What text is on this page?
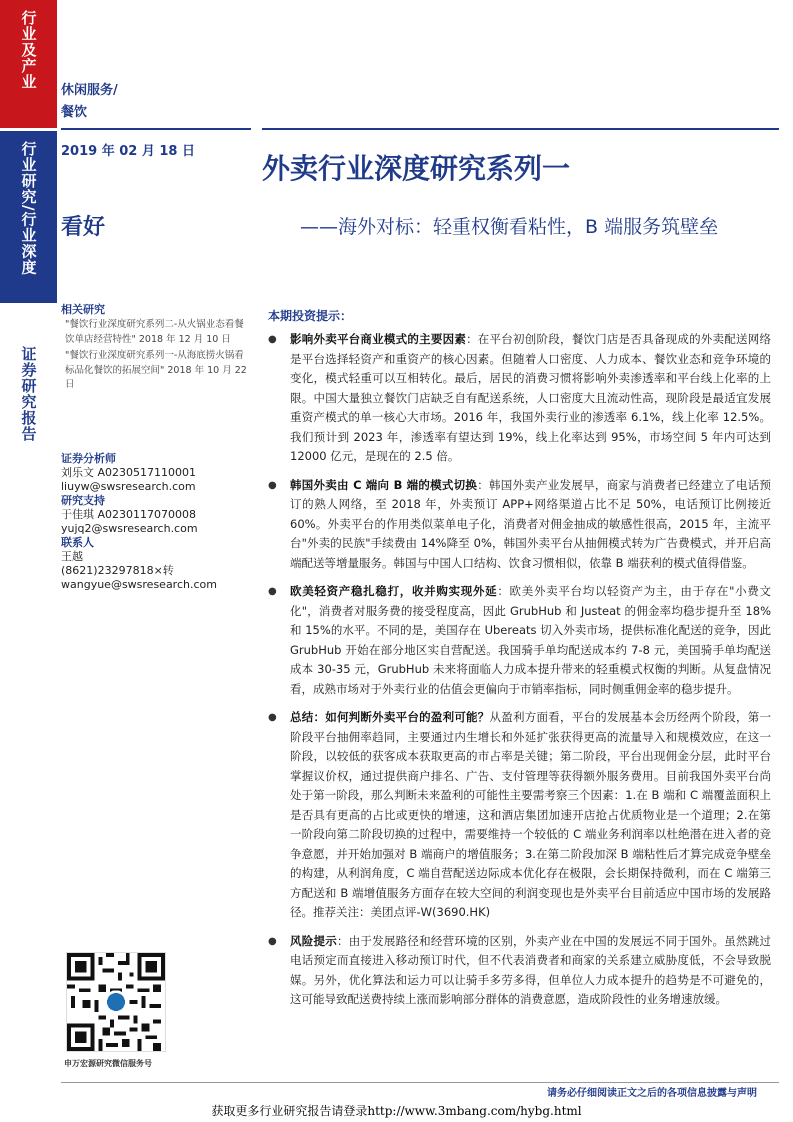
行业及产业
行业研究/行业深度
证券研究报告
休闲服务/
餐饮
2019 年 02 月 18 日
看好
相关研究
"餐饮行业深度研究系列二-从火锅业态看餐饮单店经营特性" 2018 年 12 月 10 日
"餐饮行业深度研究系列一-从海底捞火锅看标品化餐饮的拓展空间" 2018 年 10 月 22 日
证券分析师
刘乐文 A0230517110001
liuyw@swsresearch.com
研究支持
于佳琪 A0230117070008
yujq2@swsresearch.com
联系人
王越
(8621)23297818×转
wangyue@swsresearch.com
申万宏源研究微信服务号
外卖行业深度研究系列一
——海外对标：轻重权衡看粘性，B 端服务筑壁垒
本期投资提示：
● 影响外卖平台商业模式的主要因素：在平台初创阶段，餐饮门店是否具备现成的外卖配送网络是平台选择轻资产和重资产的核心因素。但随着人口密度、人力成本、餐饮业态和竞争环境的变化，模式轻重可以互相转化。最后，居民的消费习惯将影响外卖渗透率和平台线上化率的上限。中国大量独立餐饮门店缺乏自有配送系统，人口密度大且流动性高，现阶段是最适宜发展重资产模式的单一核心大市场。2016 年，我国外卖行业的渗透率 6.1%，线上化率 12.5%。我们预计到 2023 年，渗透率有望达到 19%，线上化率达到 95%，市场空间 5 年内可达到 12000 亿元，是现在的 2.5 倍。
● 韩国外卖由 C 端向 B 端的模式切换：韩国外卖产业发展早，商家与消费者已经建立了电话预订的熟人网络，至 2018 年，外卖预订 APP+网络渠道占比不足 50%，电话预订比例接近 60%。外卖平台的作用类似菜单电子化，消费者对佣金抽成的敏感性很高，2015 年，主流平台"外卖的民族"手续费由 14%降至 0%，韩国外卖平台从抽佣模式转为广告费模式，并开启高端配送等增量服务。韩国与中国人口结构、饮食习惯相似，依靠 B 端获利的模式值得借鉴。
● 欧美轻资产稳扎稳打，收并购实现外延：欧美外卖平台均以轻资产为主，由于存在"小费文化"，消费者对服务费的接受程度高，因此 GrubHub 和 Justeat 的佣金率均稳步提升至 18%和 15%的水平。不同的是，美国存在 Ubereats 切入外卖市场，提供标准化配送的竞争，因此 GrubHub 开始在部分地区实自营配送。我国骑手单均配送成本约 7-8 元，美国骑手单均配送成本 30-35 元，GrubHub 未来将面临人力成本提升带来的轻重模式权衡的判断。从复盘情况看，成熟市场对于外卖行业的估值会更偏向于市销率指标，同时侧重佣金率的稳步提升。
● 总结：如何判断外卖平台的盈利可能？从盈利方面看，平台的发展基本会历经两个阶段，第一阶段平台抽佣率趋同，主要通过内生增长和外延扩张获得更高的流量导入和规模效应，在这一阶段，以较低的获客成本获取更高的市占率是关键；第二阶段，平台出现佣金分层，此时平台掌握议价权，通过提供商户排名、广告、支付管理等获得额外服务费用。目前我国外卖平台尚处于第一阶段，那么判断未来盈利的可能性主要需考察三个因素：1.在 B 端和 C 端覆盖面积上是否具有更高的占比或更快的增速，这和酒店集团加速开店抢占优质物业是一个道理；2.在第一阶段向第二阶段切换的过程中，需要维持一个较低的 C 端业务利润率以杜绝潜在进入者的竞争意愿，并开始加强对 B 端商户的增值服务；3.在第二阶段加深 B 端粘性后才算完成竞争壁垒的构建，从利润角度，C 端自营配送边际成本优化存在极限，会长期保持微利，而在 C 端第三方配送和 B 端增值服务方面存在较大空间的利润变现也是外卖平台目前适应中国市场的发展路径。推荐关注：美团点评-W(3690.HK)
● 风险提示：由于发展路径和经营环境的区别，外卖产业在中国的发展远不同于国外。虽然跳过电话预定而直接进入移动预订时代，但不代表消费者和商家的关系建立威胁度低，不会导致脱媒。另外，优化算法和运力可以让骑手多劳多得，但单位人力成本提升的趋势是不可避免的，这可能导致配送费持续上涨而影响部分群体的消费意愿，造成阶段性的业务增速放缓。
请务必仔细阅读正文之后的各项信息披露与声明
获取更多行业研究报告请登录http://www.3mbang.com/hybg.html
